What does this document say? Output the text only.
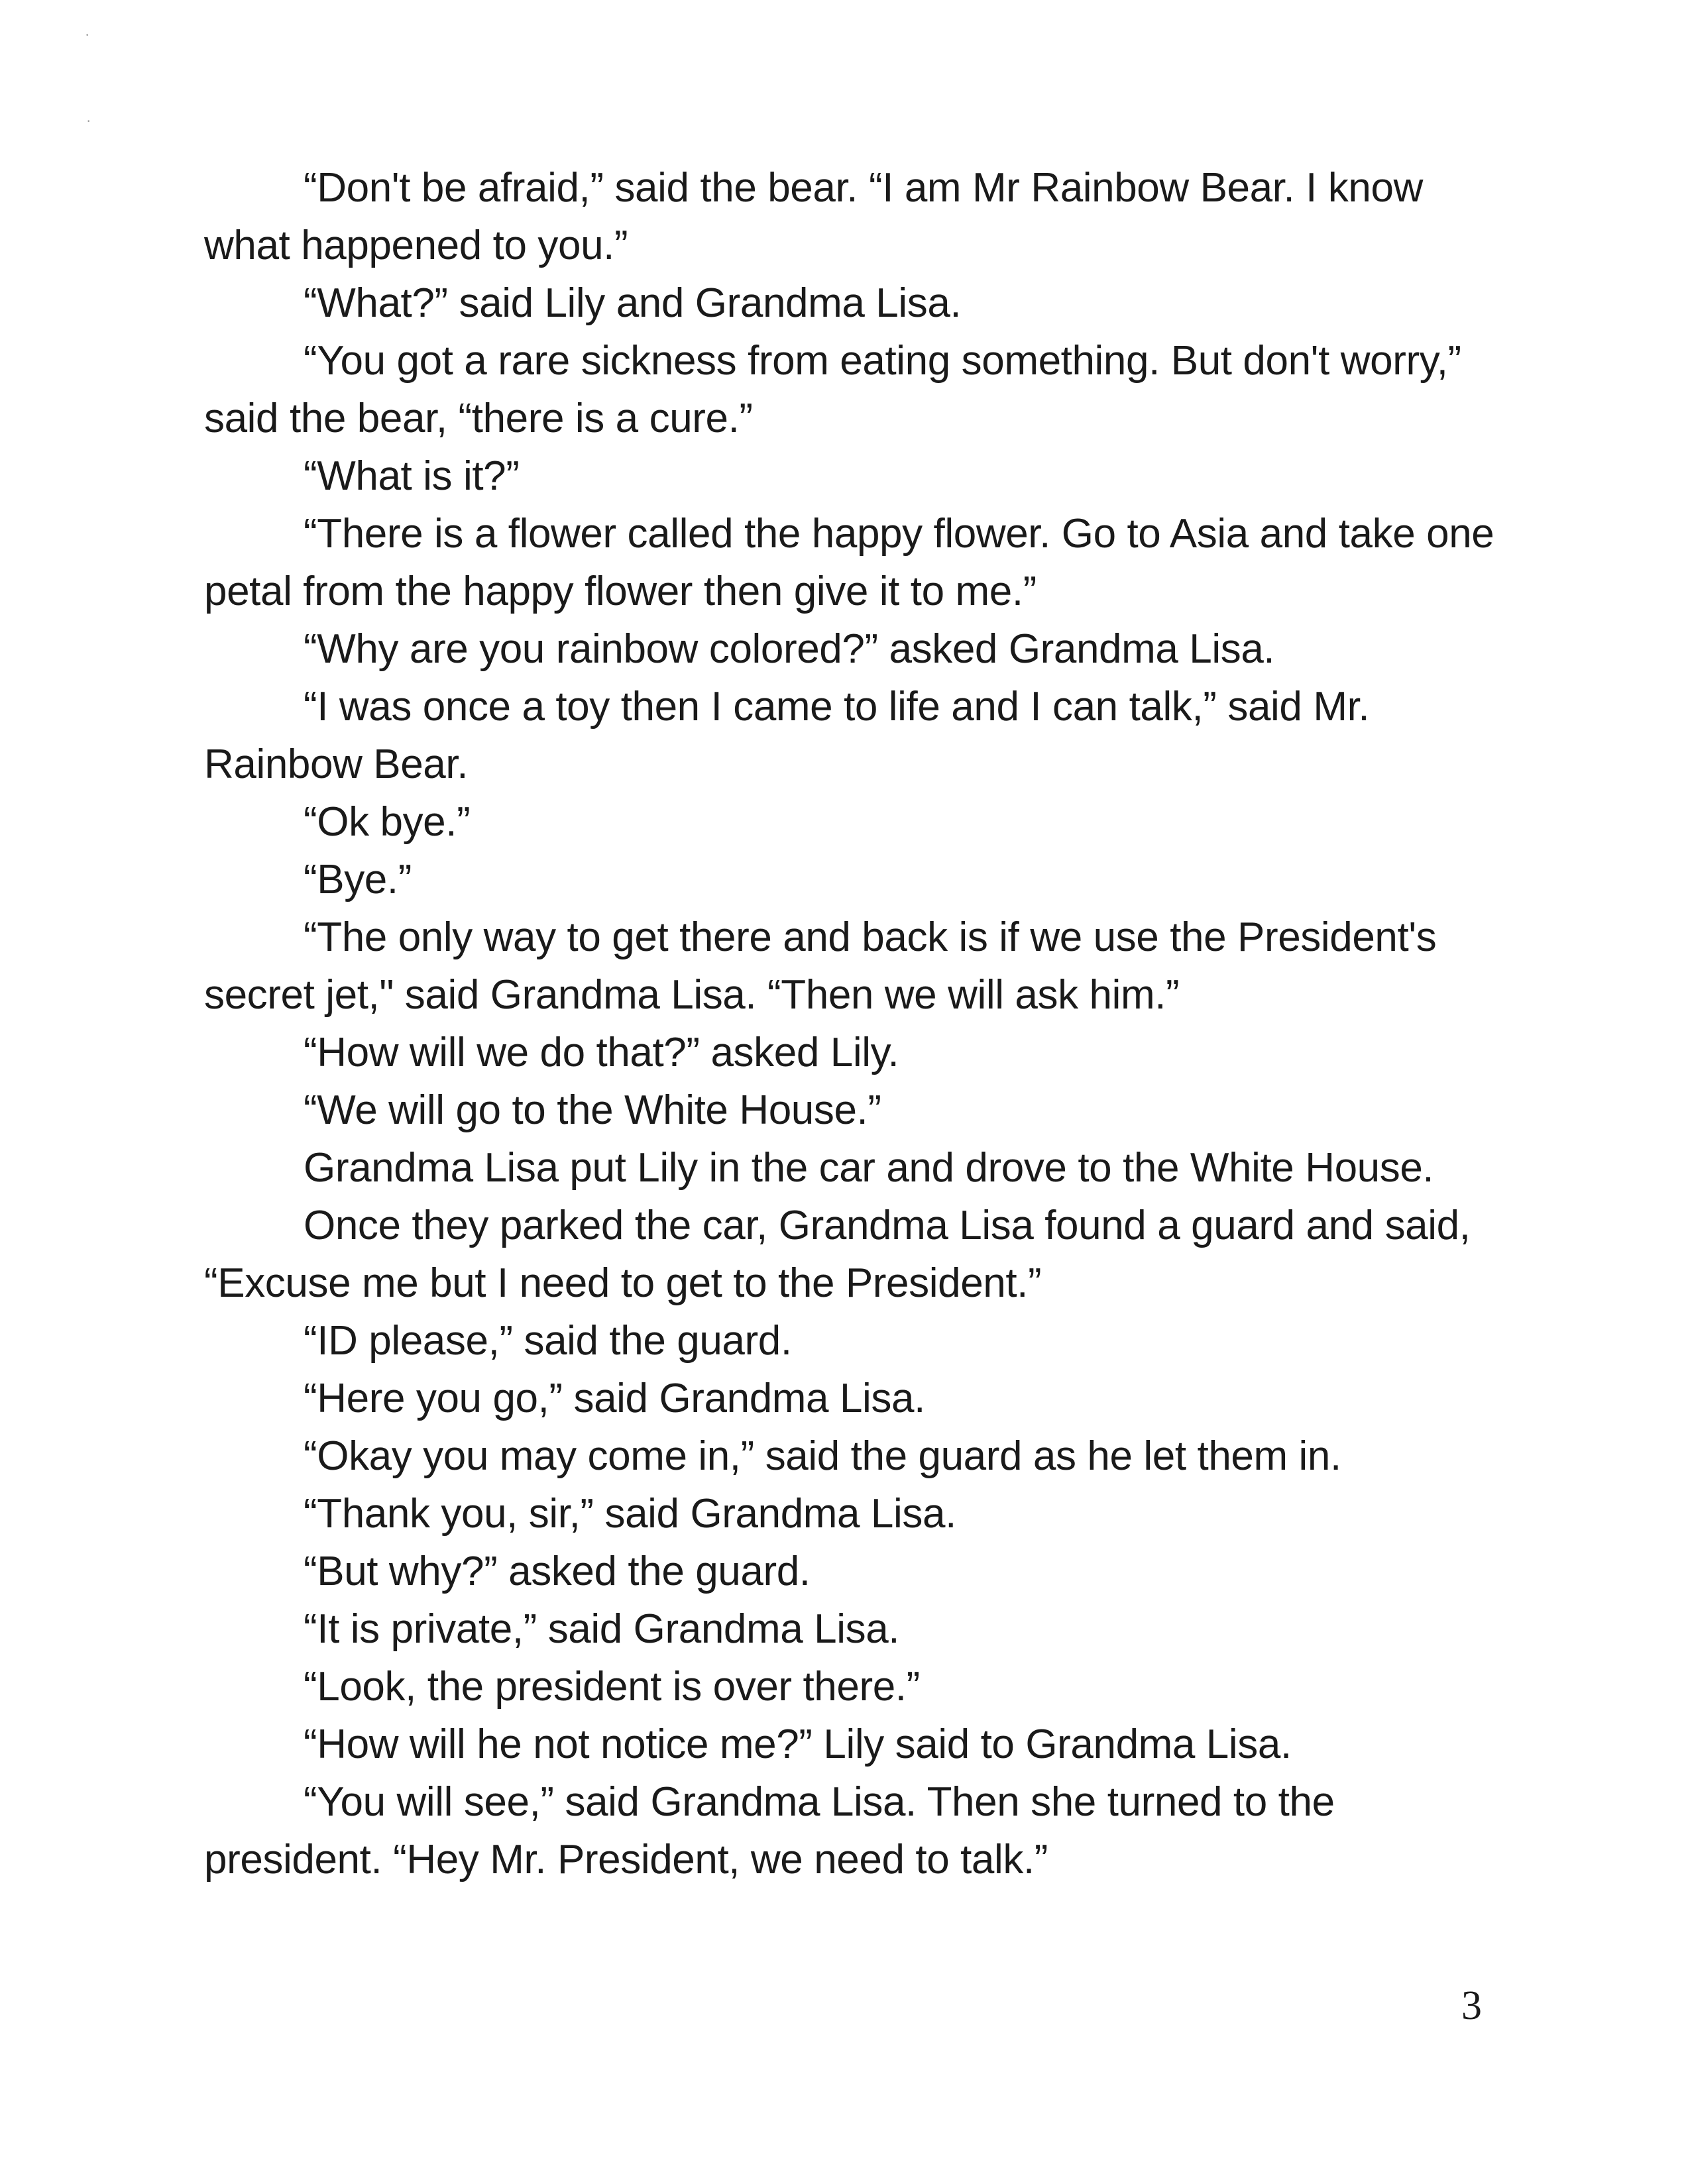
·
·

“Don't be afraid,” said the bear. “I am Mr Rainbow Bear. I know what happened to you.”

“What?” said Lily and Grandma Lisa.

“You got a rare sickness from eating something. But don't worry,” said the bear, “there is a cure.”

“What is it?”

“There is a flower called the happy flower. Go to Asia and take one petal from the happy flower then give it to me.”

“Why are you rainbow colored?” asked Grandma Lisa.

“I was once a toy then I came to life and I can talk,” said Mr. Rainbow Bear.

“Ok bye.”

“Bye.”

“The only way to get there and back is if we use the President's secret jet," said Grandma Lisa. “Then we will ask him.”

“How will we do that?” asked Lily.

“We will go to the White House.”

Grandma Lisa put Lily in the car and drove to the White House.

Once they parked the car, Grandma Lisa found a guard and said, “Excuse me but I need to get to the President.”

“ID please,” said the guard.

“Here you go,” said Grandma Lisa.

“Okay you may come in,” said the guard as he let them in.

“Thank you, sir,” said Grandma Lisa.

“But why?” asked the guard.

“It is private,” said Grandma Lisa.

“Look, the president is over there.”

“How will he not notice me?” Lily said to Grandma Lisa.

“You will see,” said Grandma Lisa. Then she turned to the president. “Hey Mr. President, we need to talk.”

3
